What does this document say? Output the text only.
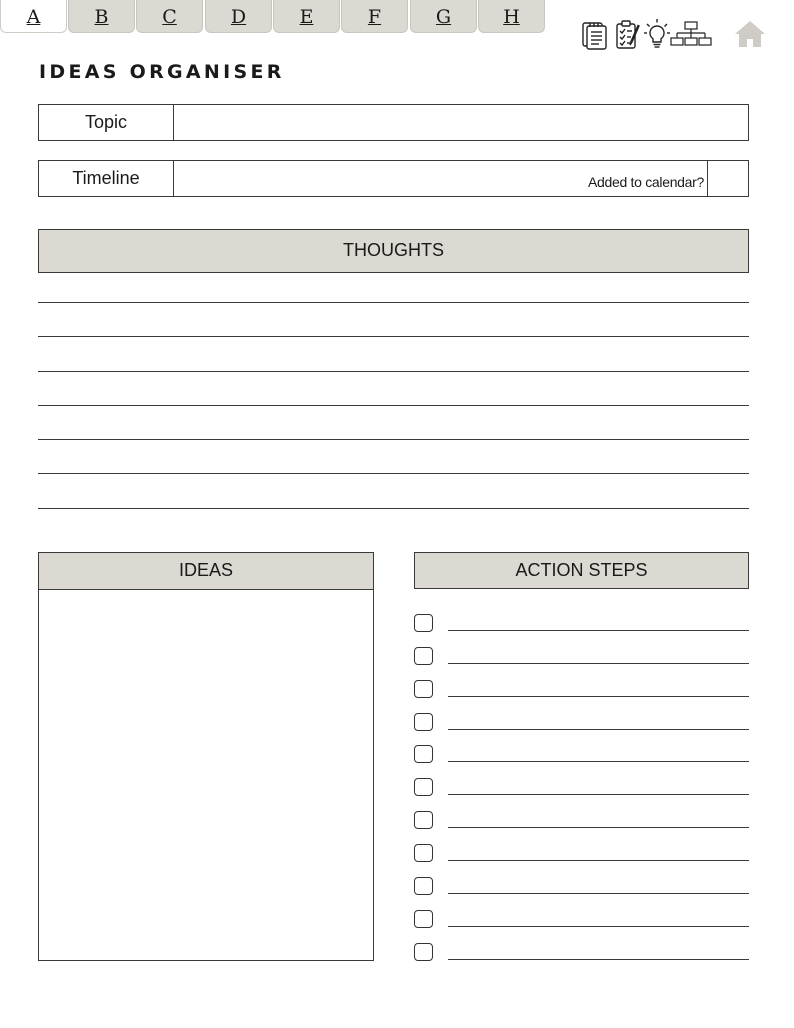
A	B	C	D	E	F	G	H
IDEAS ORGANISER
Topic
Timeline	Added to calendar?
THOUGHTS
IDEAS	ACTION STEPS
